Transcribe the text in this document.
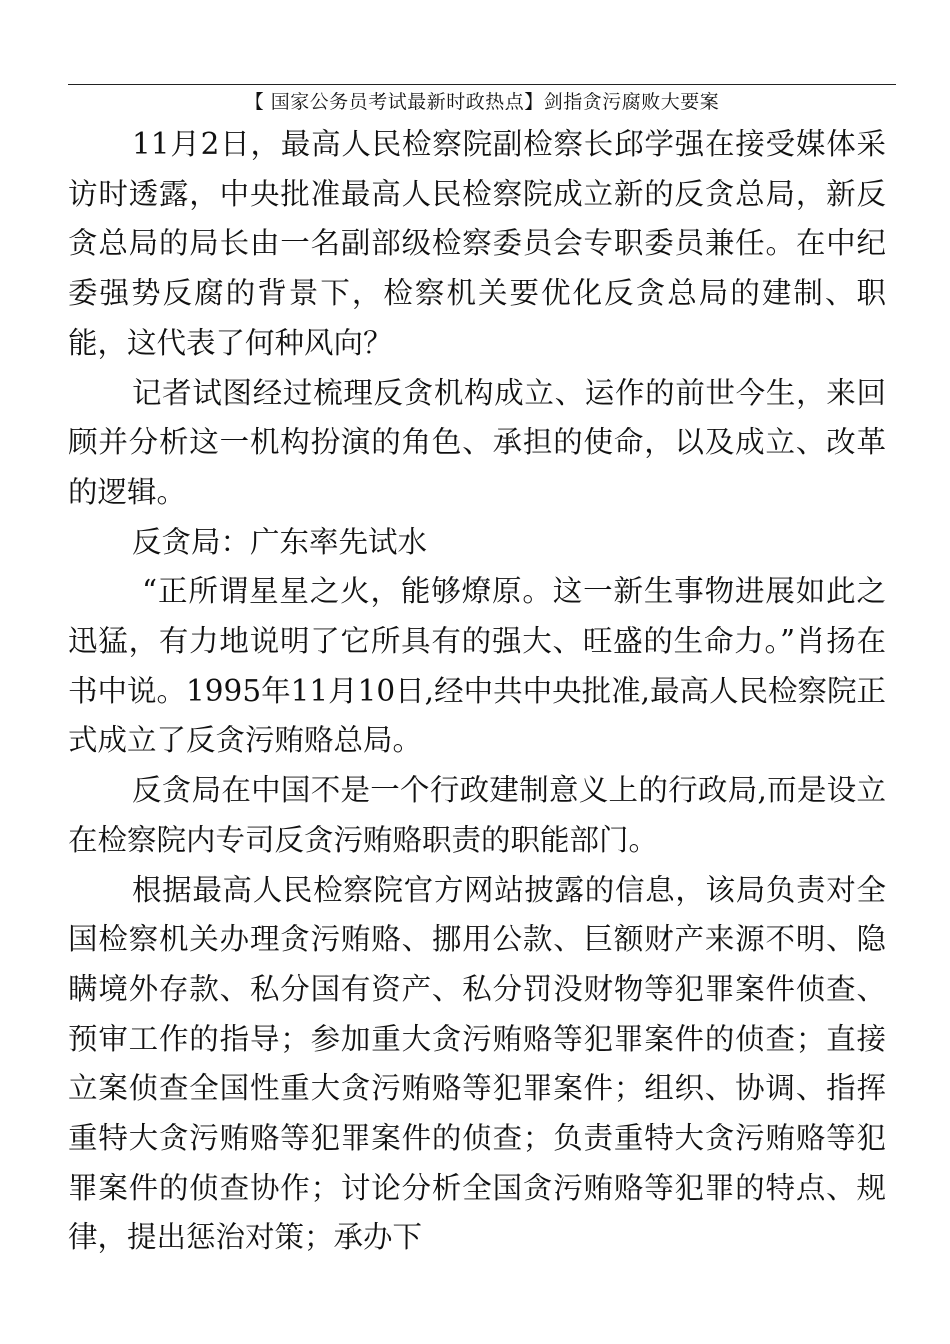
【 国家公务员考试最新时政热点】剑指贪污腐败大要案

11月2日，最高人民检察院副检察长邱学强在接受媒体采访时透露，中央批准最高人民检察院成立新的反贪总局，新反贪总局的局长由一名副部级检察委员会专职委员兼任。在中纪委强势反腐的背景下，检察机关要优化反贪总局的建制、职能，这代表了何种风向？

记者试图经过梳理反贪机构成立、运作的前世今生，来回顾并分析这一机构扮演的角色、承担的使命，以及成立、改革的逻辑。

反贪局：广东率先试水

“正所谓星星之火，能够燎原。这一新生事物进展如此之迅猛，有力地说明了它所具有的强大、旺盛的生命力。”肖扬在书中说。1995年11月10日,经中共中央批准,最高人民检察院正式成立了反贪污贿赂总局。

反贪局在中国不是一个行政建制意义上的行政局,而是设立在检察院内专司反贪污贿赂职责的职能部门。

根据最高人民检察院官方网站披露的信息，该局负责对全国检察机关办理贪污贿赂、挪用公款、巨额财产来源不明、隐瞒境外存款、私分国有资产、私分罚没财物等犯罪案件侦查、预审工作的指导；参加重大贪污贿赂等犯罪案件的侦查；直接立案侦查全国性重大贪污贿赂等犯罪案件；组织、协调、指挥重特大贪污贿赂等犯罪案件的侦查；负责重特大贪污贿赂等犯罪案件的侦查协作；讨论分析全国贪污贿赂等犯罪的特点、规律，提出惩治对策；承办下
